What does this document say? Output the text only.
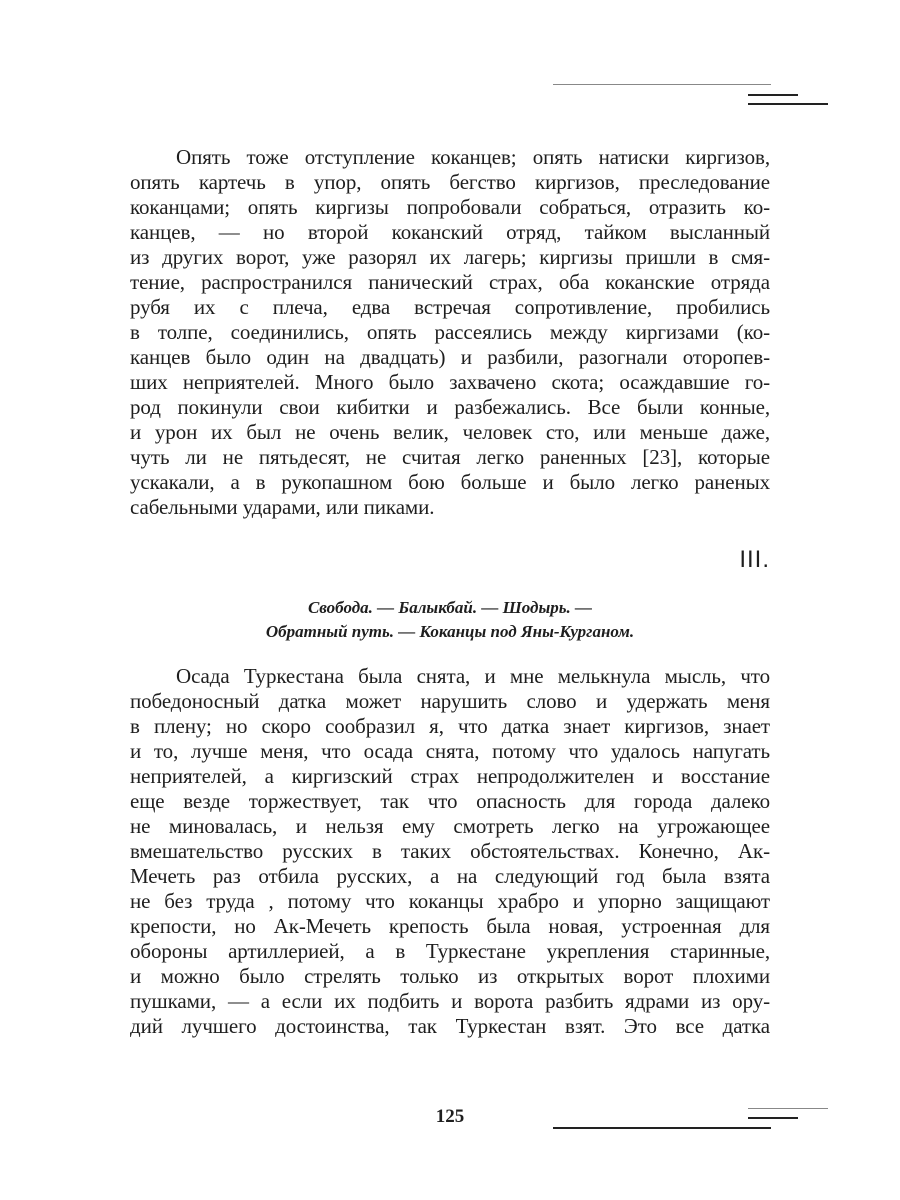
Опять тоже отступление коканцев; опять натиски киргизов,
опять картечь в упор, опять бегство киргизов, преследование
коканцами; опять киргизы попробовали собраться, отразить ко-
канцев, — но второй коканский отряд, тайком высланный
из других ворот, уже разорял их лагерь; киргизы пришли в смя-
тение, распространился панический страх, оба коканские отряда
рубя их с плеча, едва встречая сопротивление, пробились
в толпе, соединились, опять рассеялись между киргизами (ко-
канцев было один на двадцать) и разбили, разогнали оторопев-
ших неприятелей. Много было захвачено скота; осаждавшие го-
род покинули свои кибитки и разбежались. Все были конные,
и урон их был не очень велик, человек сто, или меньше даже,
чуть ли не пятьдесят, не считая легко раненных [23], которые
ускакали, а в рукопашном бою больше и было легко раненых
сабельными ударами, или пиками.
III.
Свобода. — Балыкбай. — Шодырь. —
Обратный путь. — Коканцы под Яны-Курганом.
Осада Туркестана была снята, и мне мелькнула мысль, что
победоносный датка может нарушить слово и удержать меня
в плену; но скоро сообразил я, что датка знает киргизов, знает
и то, лучше меня, что осада снята, потому что удалось напугать
неприятелей, а киргизский страх непродолжителен и восстание
еще везде торжествует, так что опасность для города далеко
не миновалась, и нельзя ему смотреть легко на угрожающее
вмешательство русских в таких обстоятельствах. Конечно, Ак-
Мечеть раз отбила русских, а на следующий год была взята
не без труда , потому что коканцы храбро и упорно защищают
крепости, но Ак-Мечеть крепость была новая, устроенная для
обороны артиллерией, а в Туркестане укрепления старинные,
и можно было стрелять только из открытых ворот плохими
пушками, — а если их подбить и ворота разбить ядрами из ору-
дий лучшего достоинства, так Туркестан взят. Это все датка
125
